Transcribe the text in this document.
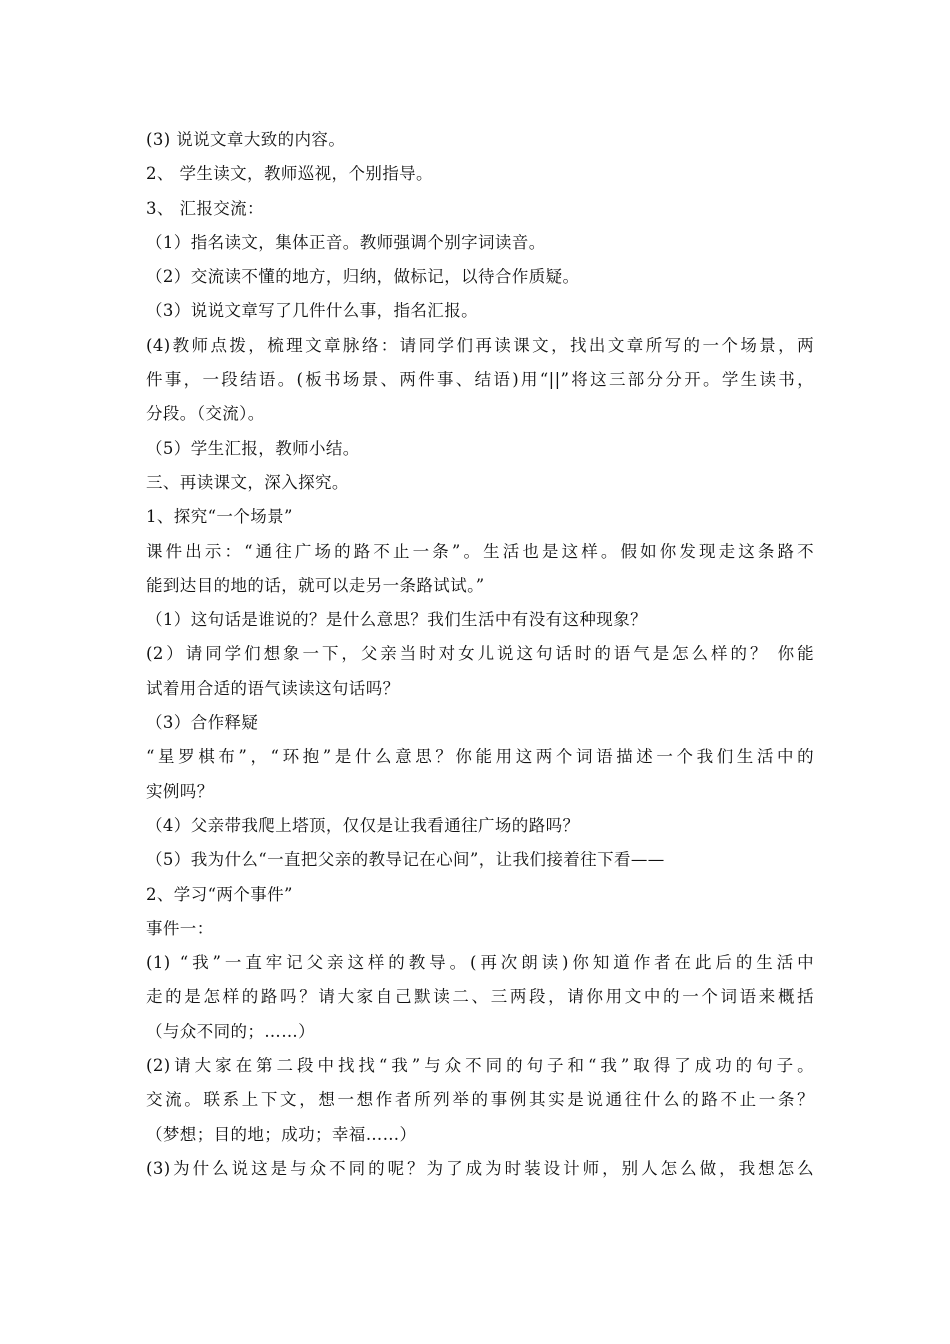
(3) 说说文章大致的内容。
2、 学生读文，教师巡视，个别指导。
3、 汇报交流：
（1）指名读文，集体正音。教师强调个别字词读音。
（2）交流读不懂的地方，归纳，做标记，以待合作质疑。
（3）说说文章写了几件什么事，指名汇报。
(4)教师点拨，梳理文章脉络：请同学们再读课文，找出文章所写的一个场景，两
件事，一段结语。(板书场景、两件事、结语)用“||”将这三部分分开。学生读书，
分段。（交流）。
（5）学生汇报，教师小结。
三、再读课文，深入探究。
1、探究“一个场景”
课件出示：“通往广场的路不止一条”。生活也是这样。假如你发现走这条路不
能到达目的地的话，就可以走另一条路试试。”
（1）这句话是谁说的？是什么意思？我们生活中有没有这种现象？
(2）请同学们想象一下，父亲当时对女儿说这句话时的语气是怎么样的？ 你能
试着用合适的语气读读这句话吗？
（3）合作释疑
“星罗棋布”，“环抱”是什么意思？你能用这两个词语描述一个我们生活中的
实例吗？
（4）父亲带我爬上塔顶，仅仅是让我看通往广场的路吗？
（5）我为什么“一直把父亲的教导记在心间”，让我们接着往下看——
2、学习“两个事件”
事件一：
(1) “我”一直牢记父亲这样的教导。(再次朗读)你知道作者在此后的生活中
走的是怎样的路吗？请大家自己默读二、三两段，请你用文中的一个词语来概括
（与众不同的；……）
(2)请大家在第二段中找找“我”与众不同的句子和“我”取得了成功的句子。
交流。联系上下文，想一想作者所列举的事例其实是说通往什么的路不止一条？
（梦想；目的地；成功；幸福……）
(3)为什么说这是与众不同的呢？为了成为时装设计师，别人怎么做，我想怎么
